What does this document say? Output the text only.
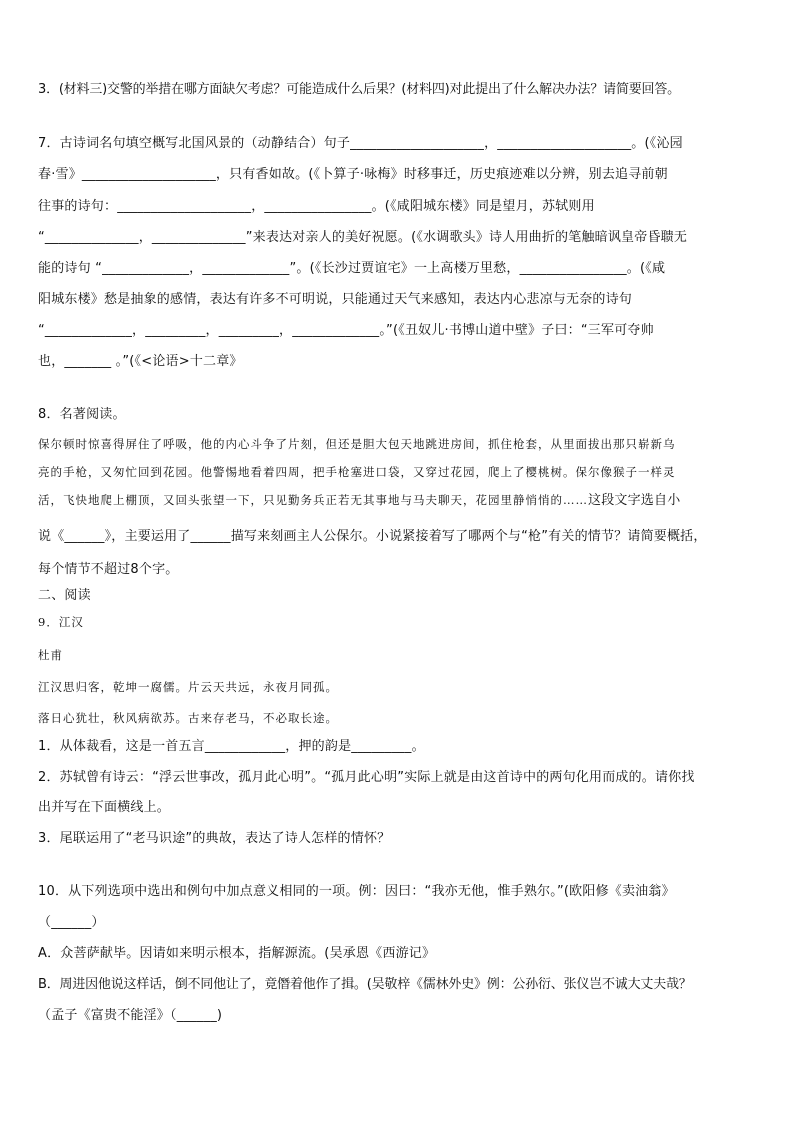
3．(材料三)交警的举措在哪方面缺欠考虑？可能造成什么后果？(材料四)对此提出了什么解决办法？请简要回答。
7．古诗词名句填空概写北国风景的（动静结合）句子____________________，____________________。(《沁园
春·雪》____________________，只有香如故。(《卜算子·咏梅》时移事迁，历史痕迹难以分辨，别去追寻前朝
往事的诗句：____________________，________________。(《咸阳城东楼》同是望月，苏轼则用
“______________，______________”来表达对亲人的美好祝愿。(《水调歌头》诗人用曲折的笔触暗讽皇帝昏聩无
能的诗句 “_____________，_____________”。(《长沙过贾谊宅》一上高楼万里愁，________________。(《咸
阳城东楼》愁是抽象的感情，表达有许多不可明说，只能通过天气来感知，表达内心悲凉与无奈的诗句
“_____________，_________，_________，_____________。”(《丑奴儿·书博山道中壁》子曰：“三军可夺帅
也，_______ 。”(《<论语>十二章》
8．名著阅读。
保尔顿时惊喜得屏住了呼吸，他的内心斗争了片刻，但还是胆大包天地跳进房间，抓住枪套，从里面拔出那只崭新乌
亮的手枪，又匆忙回到花园。他警惕地看着四周，把手枪塞进口袋，又穿过花园，爬上了樱桃树。保尔像猴子一样灵
活，飞快地爬上棚顶，又回头张望一下，只见勤务兵正若无其事地与马夫聊天，花园里静悄悄的……这段文字选自小
说《______》，主要运用了______描写来刻画主人公保尔。小说紧接着写了哪两个与“枪”有关的情节？请简要概括，
每个情节不超过8个字。
二、阅读
9．江汉
杜甫
江汉思归客，乾坤一腐儒。片云天共远，永夜月同孤。
落日心犹壮，秋风病欲苏。古来存老马，不必取长途。
1．从体裁看，这是一首五言____________，押的韵是_________。
2．苏轼曾有诗云：“浮云世事改，孤月此心明”。“孤月此心明”实际上就是由这首诗中的两句化用而成的。请你找
出并写在下面横线上。
3．尾联运用了“老马识途”的典故，表达了诗人怎样的情怀？
10．从下列选项中选出和例句中加点意义相同的一项。例：因曰：“我亦无他，惟手熟尔。”(欧阳修《卖油翁》
（______）
A．众菩萨献毕。因请如来明示根本，指解源流。(吴承恩《西游记》
B．周进因他说这样话，倒不同他让了，竟僭着他作了揖。(吴敬梓《儒林外史》例：公孙衍、张仪岂不诚大丈夫哉？
（孟子《富贵不能淫》（______)
